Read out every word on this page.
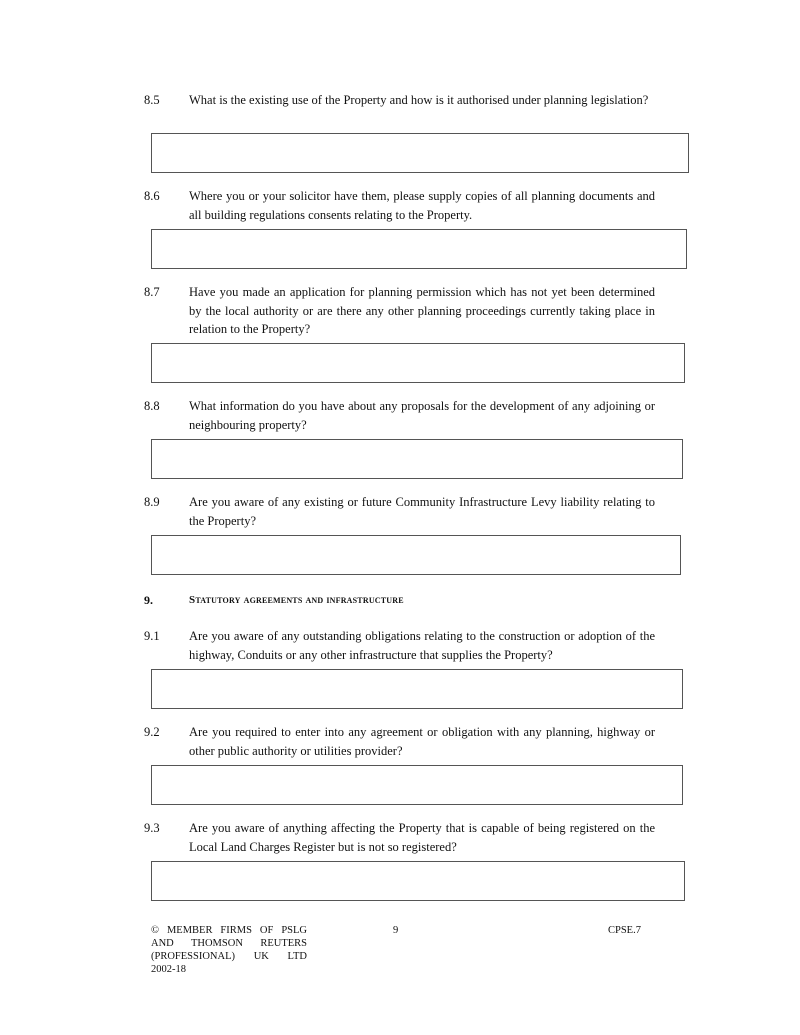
8.5 What is the existing use of the Property and how is it authorised under planning legislation?
8.6 Where you or your solicitor have them, please supply copies of all planning documents and all building regulations consents relating to the Property.
8.7 Have you made an application for planning permission which has not yet been determined by the local authority or are there any other planning proceedings currently taking place in relation to the Property?
8.8 What information do you have about any proposals for the development of any adjoining or neighbouring property?
8.9 Are you aware of any existing or future Community Infrastructure Levy liability relating to the Property?
9.	Statutory agreements and infrastructure
9.1 Are you aware of any outstanding obligations relating to the construction or adoption of the highway, Conduits or any other infrastructure that supplies the Property?
9.2 Are you required to enter into any agreement or obligation with any planning, highway or other public authority or utilities provider?
9.3 Are you aware of anything affecting the Property that is capable of being registered on the Local Land Charges Register but is not so registered?
© MEMBER FIRMS OF PSLG
AND THOMSON REUTERS
(PROFESSIONAL) UK LTD
2002-18
9	CPSE.7
